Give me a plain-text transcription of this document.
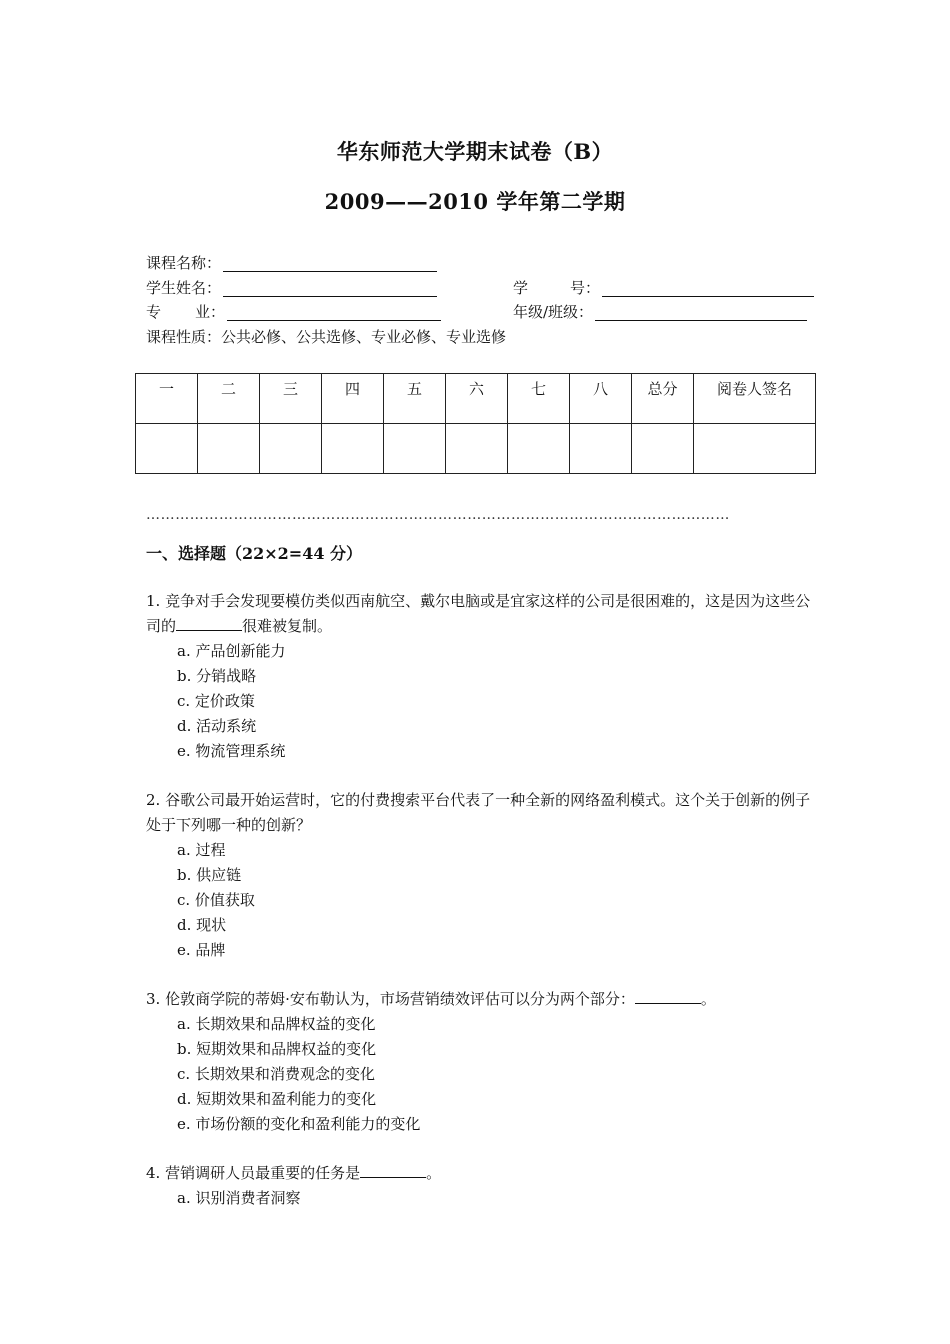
华东师范大学期末试卷（B）
2009——2010 学年第二学期
课程名称：
学生姓名：	学	号：
专 业：	年级/班级：
课程性质：公共必修、公共选修、专业必修、专业选修
一	二	三	四	五	六	七	八	总分	阅卷人签名

…………………………………………………………………………………………………………
一、选择题（22×2=44 分）
1. 竞争对手会发现要模仿类似西南航空、戴尔电脑或是宜家这样的公司是很困难的，这是因为这些公司的	很难被复制。
a. 产品创新能力
b. 分销战略
c. 定价政策
d. 活动系统
e. 物流管理系统
2. 谷歌公司最开始运营时，它的付费搜索平台代表了一种全新的网络盈利模式。这个关于创新的例子处于下列哪一种的创新？
a. 过程
b. 供应链
c. 价值获取
d. 现状
e. 品牌
3. 伦敦商学院的蒂姆·安布勒认为，市场营销绩效评估可以分为两个部分：	。
a. 长期效果和品牌权益的变化
b. 短期效果和品牌权益的变化
c. 长期效果和消费观念的变化
d. 短期效果和盈利能力的变化
e. 市场份额的变化和盈利能力的变化
4. 营销调研人员最重要的任务是	。
a. 识别消费者洞察
